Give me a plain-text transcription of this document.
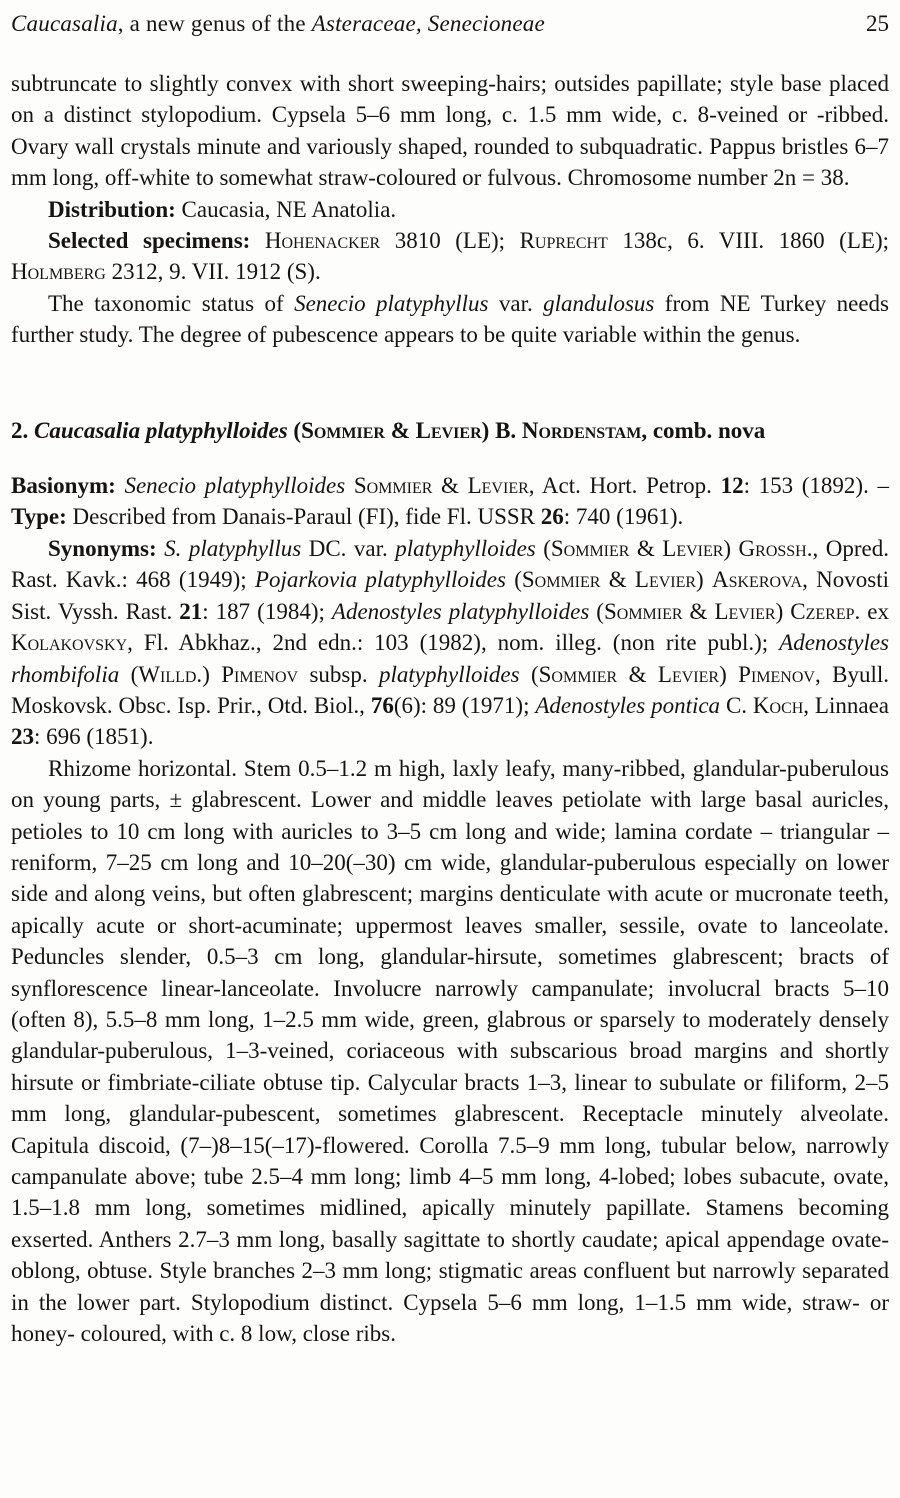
Caucasalia, a new genus of the Asteraceae, Senecioneae	25

subtruncate to slightly convex with short sweeping-hairs; outsides papillate; style base placed on a distinct stylopodium. Cypsela 5–6 mm long, c. 1.5 mm wide, c. 8-veined or -ribbed. Ovary wall crystals minute and variously shaped, rounded to subquadratic. Pappus bristles 6–7 mm long, off-white to somewhat straw-coloured or fulvous. Chromosome number 2n = 38.

Distribution: Caucasia, NE Anatolia.

Selected specimens: Hohenacker 3810 (LE); Ruprecht 138c, 6. VIII. 1860 (LE); Holmberg 2312, 9. VII. 1912 (S).

The taxonomic status of Senecio platyphyllus var. glandulosus from NE Turkey needs further study. The degree of pubescence appears to be quite variable within the genus.

2. Caucasalia platyphylloides (Sommier & Levier) B. Nordenstam, comb. nova

Basionym: Senecio platyphylloides Sommier & Levier, Act. Hort. Petrop. 12: 153 (1892). – Type: Described from Danais-Paraul (FI), fide Fl. USSR 26: 740 (1961).

Synonyms: S. platyphyllus DC. var. platyphylloides (Sommier & Levier) Grossh., Opred. Rast. Kavk.: 468 (1949); Pojarkovia platyphylloides (Sommier & Levier) Askerova, Novosti Sist. Vyssh. Rast. 21: 187 (1984); Adenostyles platyphylloides (Sommier & Levier) Czerep. ex Kolakovsky, Fl. Abkhaz., 2nd edn.: 103 (1982), nom. illeg. (non rite publ.); Adenostyles rhombifolia (Willd.) Pimenov subsp. platyphylloides (Sommier & Levier) Pimenov, Byull. Moskovsk. Obsc. Isp. Prir., Otd. Biol., 76(6): 89 (1971); Adenostyles pontica C. Koch, Linnaea 23: 696 (1851).

Rhizome horizontal. Stem 0.5–1.2 m high, laxly leafy, many-ribbed, glandular-puberulous on young parts, ± glabrescent. Lower and middle leaves petiolate with large basal auricles, petioles to 10 cm long with auricles to 3–5 cm long and wide; lamina cordate – triangular – reniform, 7–25 cm long and 10–20(–30) cm wide, glandular-puberulous especially on lower side and along veins, but often glabrescent; margins denticulate with acute or mucronate teeth, apically acute or short-acuminate; uppermost leaves smaller, sessile, ovate to lanceolate. Peduncles slender, 0.5–3 cm long, glandular-hirsute, sometimes glabrescent; bracts of synflorescence linear-lanceolate. Involucre narrowly campanulate; involucral bracts 5–10 (often 8), 5.5–8 mm long, 1–2.5 mm wide, green, glabrous or sparsely to moderately densely glandular-puberulous, 1–3-veined, coriaceous with subscarious broad margins and shortly hirsute or fimbriate-ciliate obtuse tip. Calycular bracts 1–3, linear to subulate or filiform, 2–5 mm long, glandular-pubescent, sometimes glabrescent. Receptacle minutely alveolate. Capitula discoid, (7–)8–15(–17)-flowered. Corolla 7.5–9 mm long, tubular below, narrowly campanulate above; tube 2.5–4 mm long; limb 4–5 mm long, 4-lobed; lobes subacute, ovate, 1.5–1.8 mm long, sometimes midlined, apically minutely papillate. Stamens becoming exserted. Anthers 2.7–3 mm long, basally sagittate to shortly caudate; apical appendage ovate-oblong, obtuse. Style branches 2–3 mm long; stigmatic areas confluent but narrowly separated in the lower part. Stylopodium distinct. Cypsela 5–6 mm long, 1–1.5 mm wide, straw- or honey- coloured, with c. 8 low, close ribs.
